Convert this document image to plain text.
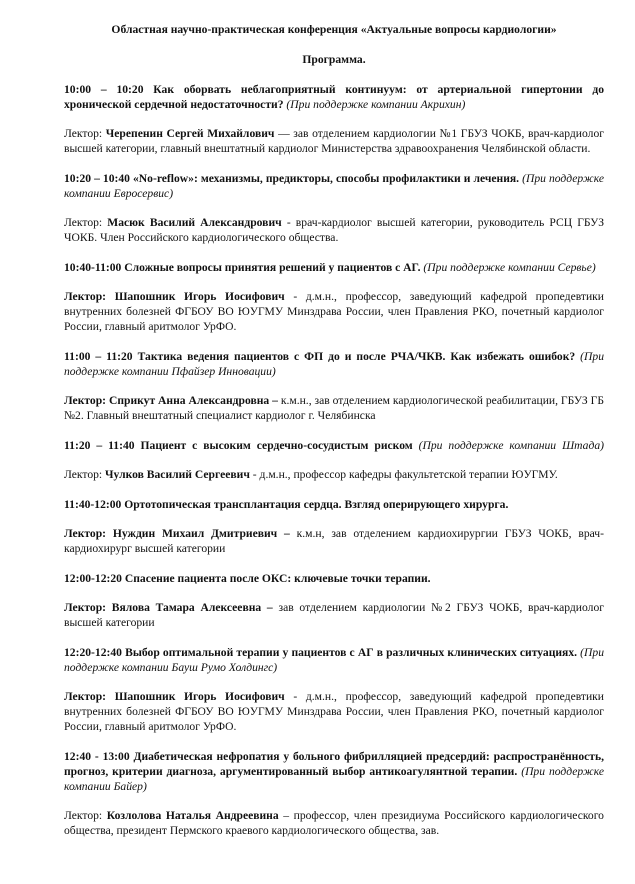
Областная научно-практическая конференция «Актуальные вопросы кардиологии»

Программа.

10:00 – 10:20 Как оборвать неблагоприятный континуум: от артериальной гипертонии до хронической сердечной недостаточности? (При поддержке компании Акрихин)

Лектор: Черепенин Сергей Михайлович — зав отделением кардиологии №1 ГБУЗ ЧОКБ, врач-кардиолог высшей категории, главный внештатный кардиолог Министерства здравоохранения Челябинской области.

10:20 – 10:40 «No-reflow»: механизмы, предикторы, способы профилактики и лечения. (При поддержке компании Евросервис)

Лектор: Масюк Василий Александрович - врач-кардиолог высшей категории, руководитель РСЦ ГБУЗ ЧОКБ. Член Российского кардиологического общества.

10:40-11:00 Сложные вопросы принятия решений у пациентов с АГ. (При поддержке компании Сервье)

Лектор: Шапошник Игорь Иосифович - д.м.н., профессор, заведующий кафедрой пропедевтики внутренних болезней ФГБОУ ВО ЮУГМУ Минздрава России, член Правления РКО, почетный кардиолог России, главный аритмолог УрФО.

11:00 – 11:20 Тактика ведения пациентов с ФП до и после РЧА/ЧКВ. Как избежать ошибок? (При поддержке компании Пфайзер Инновации)

Лектор: Сприкут Анна Александровна – к.м.н., зав отделением кардиологической реабилитации, ГБУЗ ГБ №2. Главный внештатный специалист кардиолог г. Челябинска

11:20 – 11:40 Пациент с высоким сердечно-сосудистым риском (При поддержке компании Штада)

Лектор: Чулков Василий Сергеевич - д.м.н., профессор кафедры факультетской терапии ЮУГМУ.

11:40-12:00 Ортотопическая трансплантация сердца. Взгляд оперирующего хирурга.

Лектор: Нуждин Михаил Дмитриевич – к.м.н, зав отделением кардиохирургии ГБУЗ ЧОКБ, врач-кардиохирург высшей категории

12:00-12:20 Спасение пациента после ОКС: ключевые точки терапии.

Лектор: Вялова Тамара Алексеевна – зав отделением кардиологии №2 ГБУЗ ЧОКБ, врач-кардиолог высшей категории

12:20-12:40 Выбор оптимальной терапии у пациентов с АГ в различных клинических ситуациях. (При поддержке компании Бауш Румо Холдингс)

Лектор: Шапошник Игорь Иосифович - д.м.н., профессор, заведующий кафедрой пропедевтики внутренних болезней ФГБОУ ВО ЮУГМУ Минздрава России, член Правления РКО, почетный кардиолог России, главный аритмолог УрФО.

12:40 - 13:00 Диабетическая нефропатия у больного фибрилляцией предсердий: распространённость, прогноз, критерии диагноза, аргументированный выбор антикоагулянтной терапии. (При поддержке компании Байер)

Лектор: Козлолова Наталья Андреевина – профессор, член президиума Российского кардиологического общества, президент Пермского краевого кардиологического общества, зав.
